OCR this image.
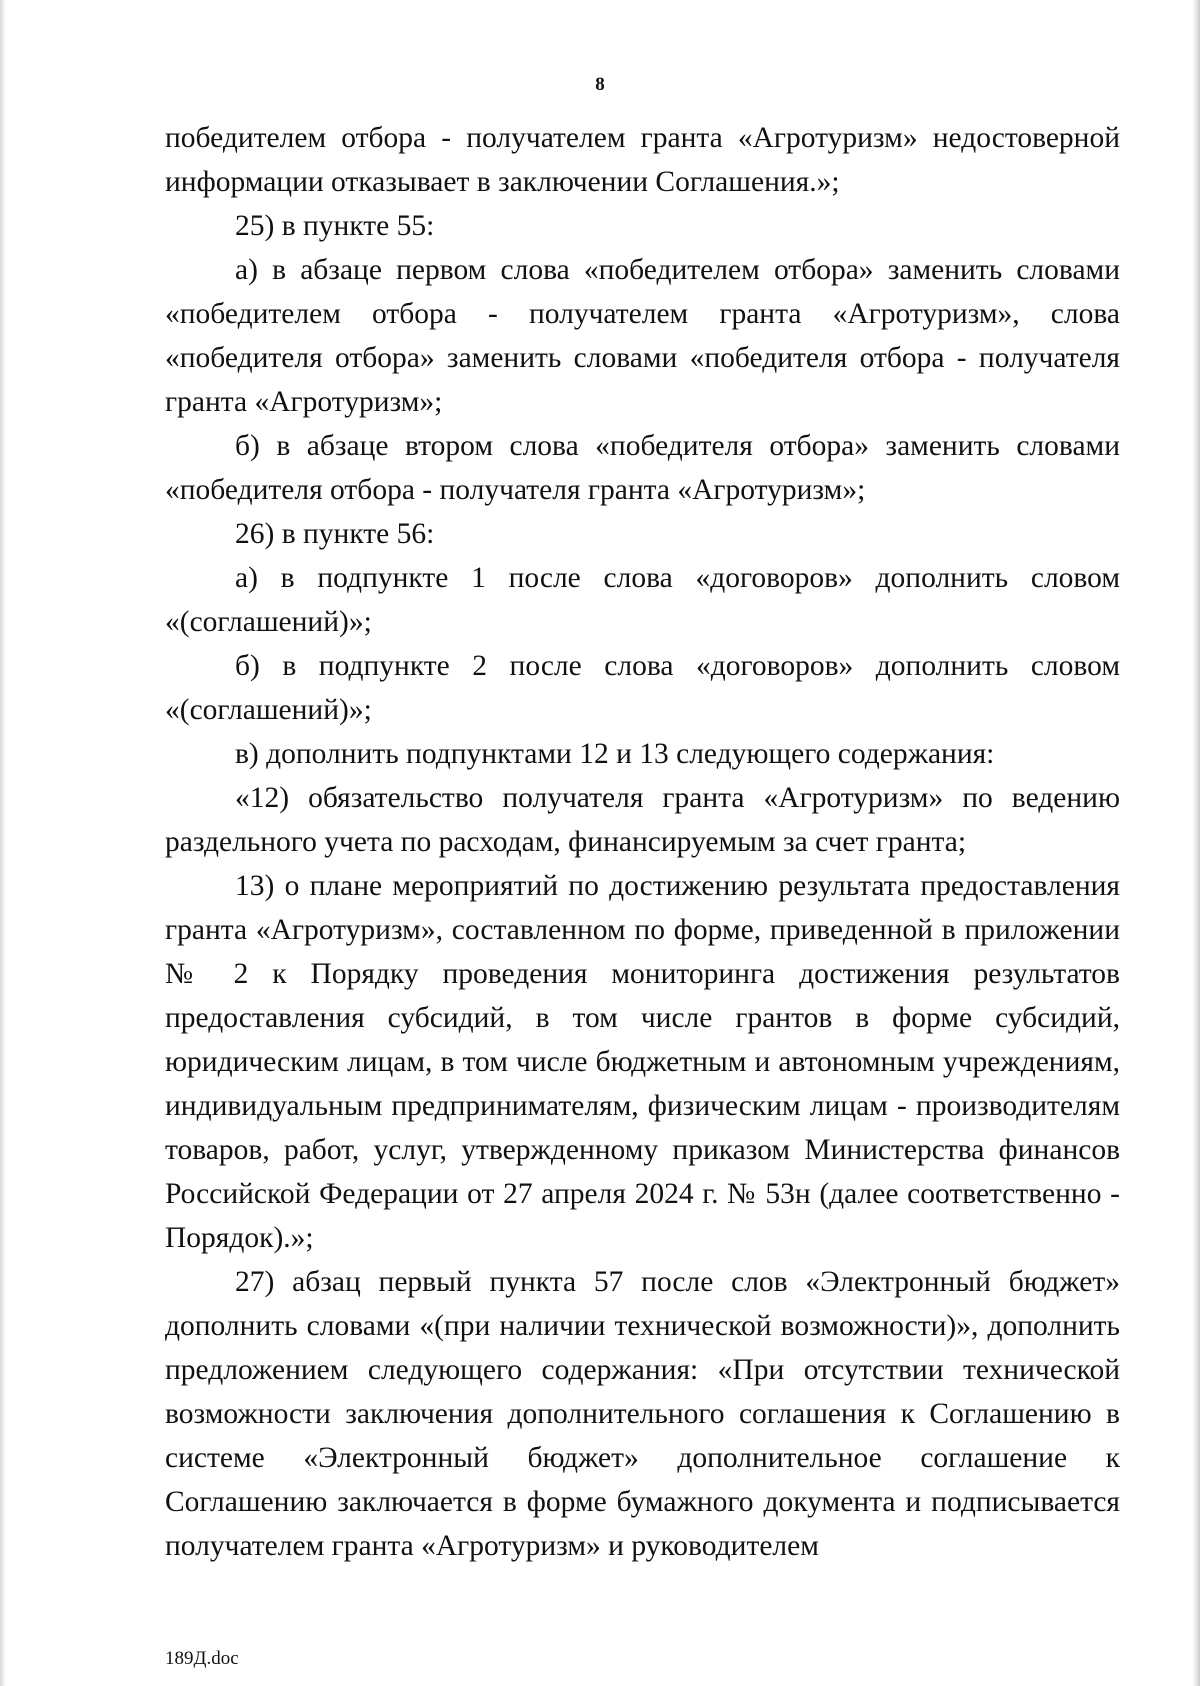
8

победителем отбора - получателем гранта «Агротуризм» недостоверной информации отказывает в заключении Соглашения.»;

25) в пункте 55:

а) в абзаце первом слова «победителем отбора» заменить словами «победителем отбора - получателем гранта «Агротуризм», слова «победителя отбора» заменить словами «победителя отбора - получателя гранта «Агротуризм»;

б) в абзаце втором слова «победителя отбора» заменить словами «победителя отбора - получателя гранта «Агротуризм»;

26) в пункте 56:

а) в подпункте 1 после слова «договоров» дополнить словом «(соглашений)»;

б) в подпункте 2 после слова «договоров» дополнить словом «(соглашений)»;

в) дополнить подпунктами 12 и 13 следующего содержания:

«12) обязательство получателя гранта «Агротуризм» по ведению раздельного учета по расходам, финансируемым за счет гранта;

13) о плане мероприятий по достижению результата предоставления гранта «Агротуризм», составленном по форме, приведенной в приложении № 2 к Порядку проведения мониторинга достижения результатов предоставления субсидий, в том числе грантов в форме субсидий, юридическим лицам, в том числе бюджетным и автономным учреждениям, индивидуальным предпринимателям, физическим лицам - производителям товаров, работ, услуг, утвержденному приказом Министерства финансов Российской Федерации от 27 апреля 2024 г. № 53н (далее соответственно - Порядок).»;

27) абзац первый пункта 57 после слов «Электронный бюджет» дополнить словами «(при наличии технической возможности)», дополнить предложением следующего содержания: «При отсутствии технической возможности заключения дополнительного соглашения к Соглашению в системе «Электронный бюджет» дополнительное соглашение к Соглашению заключается в форме бумажного документа и подписывается получателем гранта «Агротуризм» и руководителем

189Д.doc
